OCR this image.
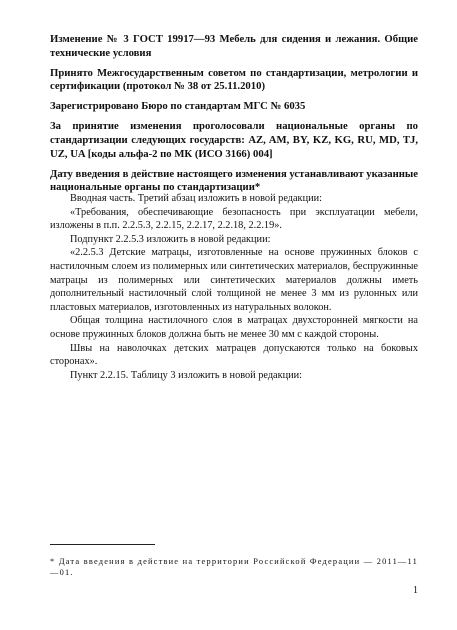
Изменение № 3 ГОСТ 19917—93 Мебель для сидения и лежания. Общие технические условия

Принято Межгосударственным советом по стандартизации, метрологии и сертификации (протокол № 38 от 25.11.2010)

Зарегистрировано Бюро по стандартам МГС № 6035

За принятие изменения проголосовали национальные органы по стандартизации следующих государств: AZ, AM, BY, KZ, KG, RU, MD, TJ, UZ, UA [коды альфа-2 по МК (ИСО 3166) 004]

Дату введения в действие настоящего изменения устанавливают указанные национальные органы по стандартизации*

Вводная часть. Третий абзац изложить в новой редакции:

«Требования, обеспечивающие безопасность при эксплуатации мебели, изложены в п.п. 2.2.5.3, 2.2.15, 2.2.17, 2.2.18, 2.2.19».

Подпункт 2.2.5.3 изложить в новой редакции:

«2.2.5.3 Детские матрацы, изготовленные на основе пружинных блоков с настилочным слоем из полимерных или синтетических материалов, беспружинные матрацы из полимерных или синтетических материалов должны иметь дополнительный настилочный слой толщиной не менее 3 мм из рулонных или пластовых материалов, изготовленных из натуральных волокон.

Общая толщина настилочного слоя в матрацах двухсторонней мягкости на основе пружинных блоков должна быть не менее 30 мм с каждой стороны.

Швы на наволочках детских матрацев допускаются только на боковых сторонах».

Пункт 2.2.15. Таблицу 3 изложить в новой редакции:

* Дата введения в действие на территории Российской Федерации — 2011—11—01.

1
